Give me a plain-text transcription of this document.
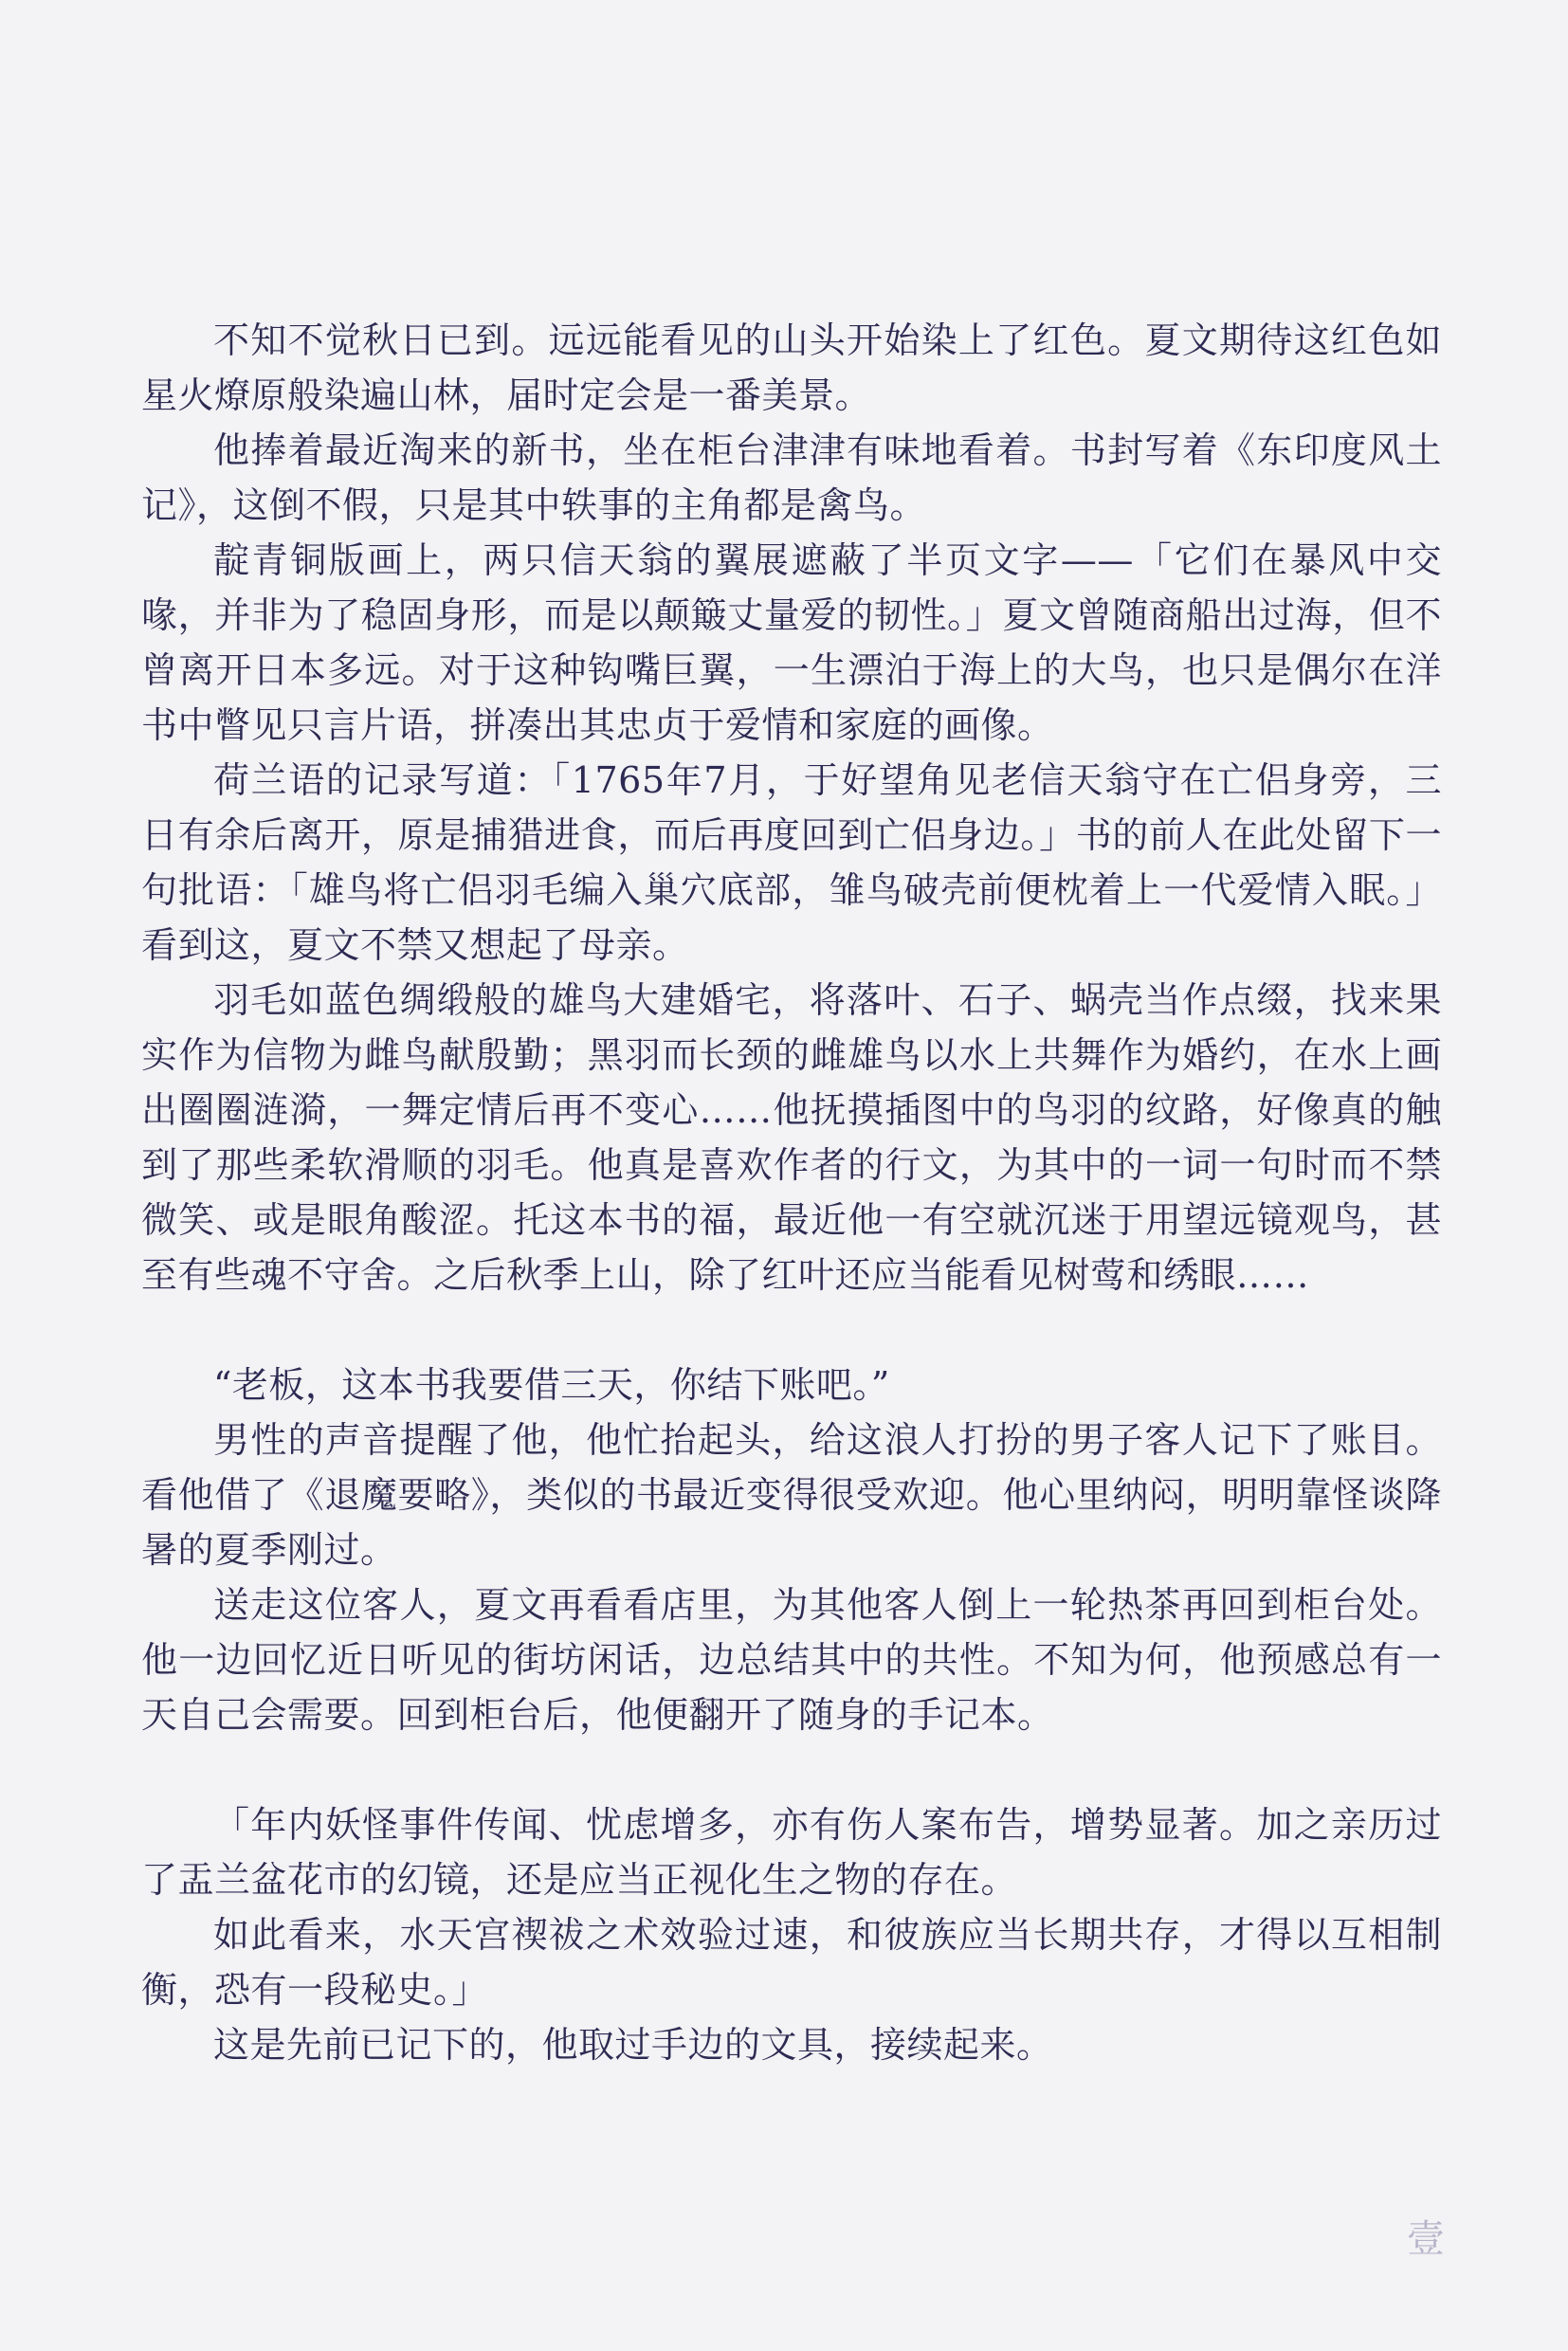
不知不觉秋日已到。远远能看见的山头开始染上了红色。夏文期待这红色如星火燎原般染遍山林，届时定会是一番美景。

他捧着最近淘来的新书，坐在柜台津津有味地看着。书封写着《东印度风土记》，这倒不假，只是其中轶事的主角都是禽鸟。

靛青铜版画上，两只信天翁的翼展遮蔽了半页文字——「它们在暴风中交喙，并非为了稳固身形，而是以颠簸丈量爱的韧性。」夏文曾随商船出过海，但不曾离开日本多远。对于这种钩嘴巨翼，一生漂泊于海上的大鸟，也只是偶尔在洋书中瞥见只言片语，拼凑出其忠贞于爱情和家庭的画像。

荷兰语的记录写道：「1765年7月，于好望角见老信天翁守在亡侣身旁，三日有余后离开，原是捕猎进食，而后再度回到亡侣身边。」书的前人在此处留下一句批语：「雄鸟将亡侣羽毛编入巢穴底部，雏鸟破壳前便枕着上一代爱情入眠。」看到这，夏文不禁又想起了母亲。

羽毛如蓝色绸缎般的雄鸟大建婚宅，将落叶、石子、蜗壳当作点缀，找来果实作为信物为雌鸟献殷勤；黑羽而长颈的雌雄鸟以水上共舞作为婚约，在水上画出圈圈涟漪，一舞定情后再不变心……他抚摸插图中的鸟羽的纹路，好像真的触到了那些柔软滑顺的羽毛。他真是喜欢作者的行文，为其中的一词一句时而不禁微笑、或是眼角酸涩。托这本书的福，最近他一有空就沉迷于用望远镜观鸟，甚至有些魂不守舍。之后秋季上山，除了红叶还应当能看见树莺和绣眼……

“老板，这本书我要借三天，你结下账吧。”

男性的声音提醒了他，他忙抬起头，给这浪人打扮的男子客人记下了账目。看他借了《退魔要略》，类似的书最近变得很受欢迎。他心里纳闷，明明靠怪谈降暑的夏季刚过。

送走这位客人，夏文再看看店里，为其他客人倒上一轮热茶再回到柜台处。他一边回忆近日听见的街坊闲话，边总结其中的共性。不知为何，他预感总有一天自己会需要。回到柜台后，他便翻开了随身的手记本。

「年内妖怪事件传闻、忧虑增多，亦有伤人案布告，增势显著。加之亲历过了盂兰盆花市的幻镜，还是应当正视化生之物的存在。

如此看来，水天宫禊祓之术效验过速，和彼族应当长期共存，才得以互相制衡，恐有一段秘史。」

这是先前已记下的，他取过手边的文具，接续起来。

壹
